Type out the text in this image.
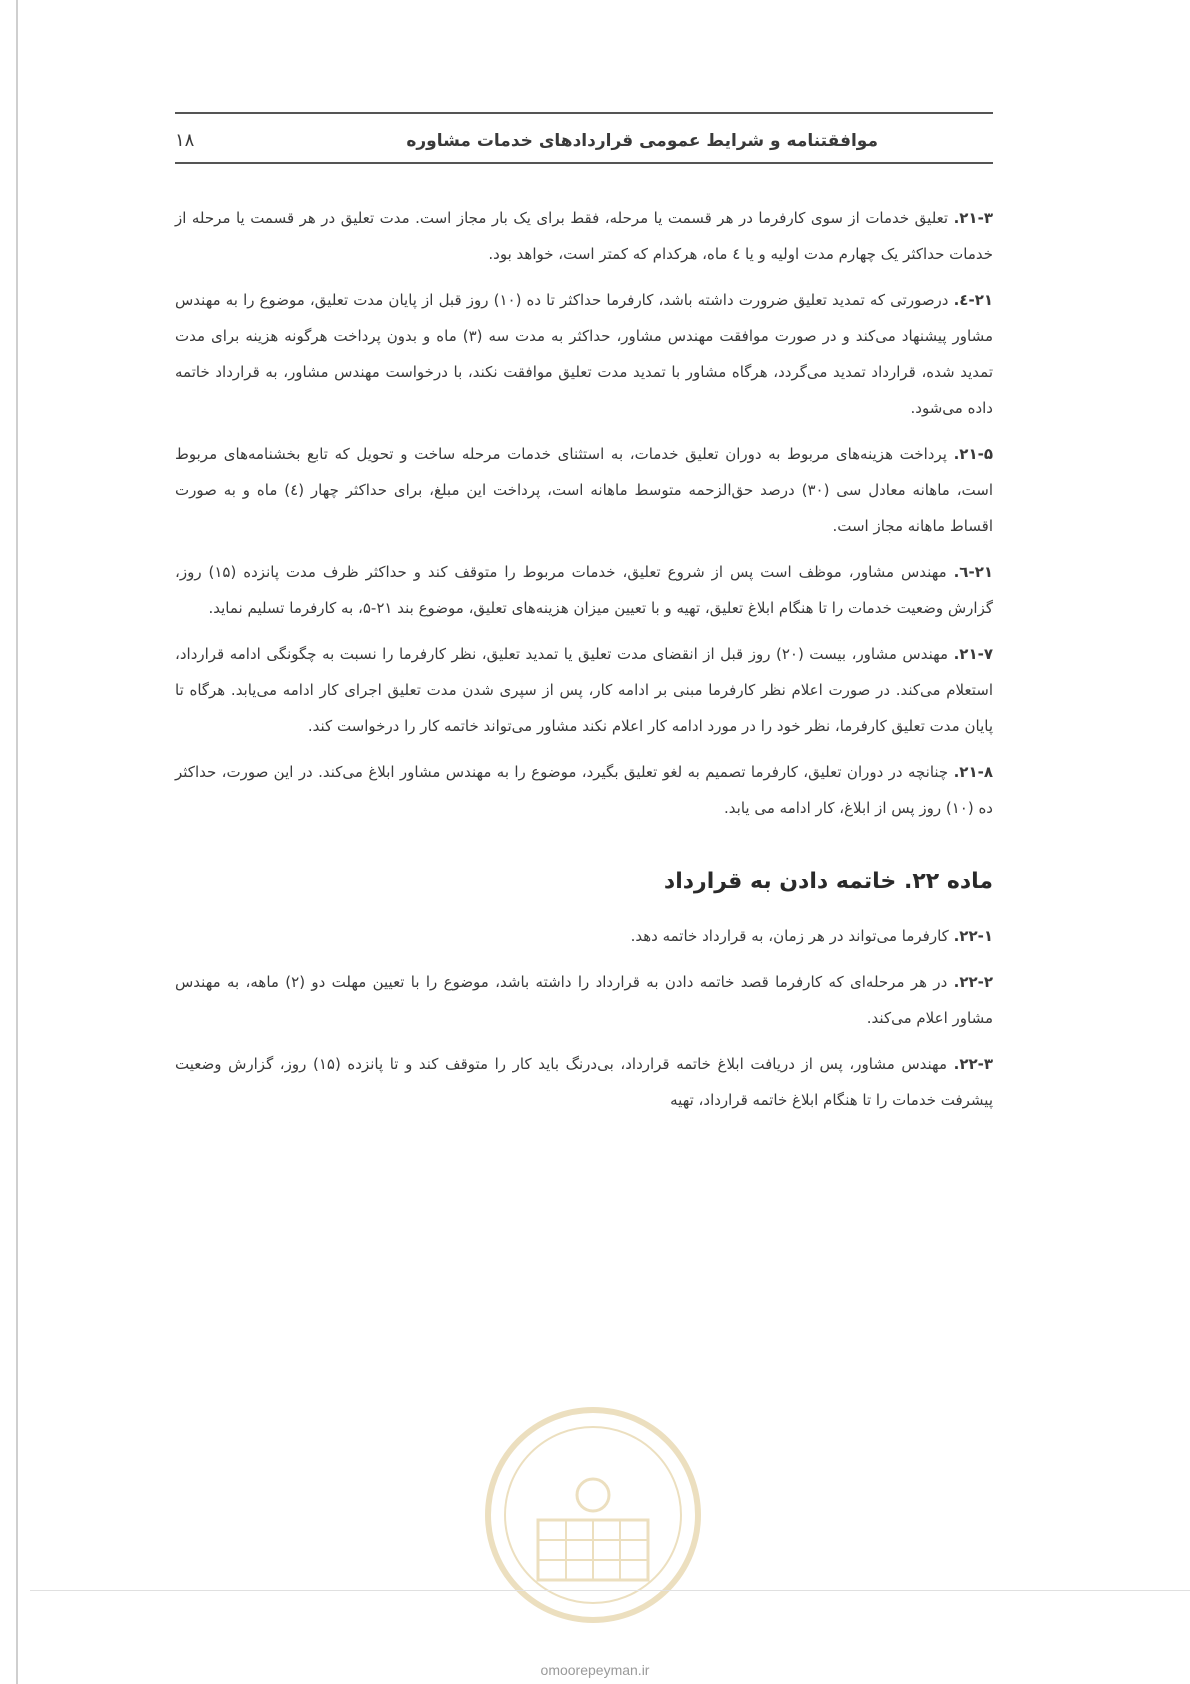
۱۸	موافقتنامه و شرایط عمومی قراردادهای خدمات مشاوره
۲۱-۳. تعلیق خدمات از سوی کارفرما در هر قسمت یا مرحله، فقط برای یک بار مجاز است. مدت تعلیق در هر قسمت یا مرحله از خدمات حداکثر یک چهارم مدت اولیه و یا ٤ ماه، هرکدام که کمتر است، خواهد بود.
۲۱-٤. درصورتی که تمدید تعلیق ضرورت داشته باشد، کارفرما حداکثر تا ده (۱۰) روز قبل از پایان مدت تعلیق، موضوع را به مهندس مشاور پیشنهاد می‌کند و در صورت موافقت مهندس مشاور، حداکثر به مدت سه (۳) ماه و بدون پرداخت هرگونه هزینه برای مدت تمدید شده، قرارداد تمدید می‌گردد، هرگاه مشاور با تمدید مدت تعلیق موافقت نکند، با درخواست مهندس مشاور، به قرارداد خاتمه داده می‌شود.
۲۱-۵. پرداخت هزینه‌های مربوط به دوران تعلیق خدمات، به استثنای خدمات مرحله ساخت و تحویل که تابع بخشنامه‌های مربوط است، ماهانه معادل سی (۳۰) درصد حق‌الزحمه متوسط ماهانه است، پرداخت این مبلغ، برای حداکثر چهار (٤) ماه و به صورت اقساط ماهانه مجاز است.
۲۱-٦. مهندس مشاور، موظف است پس از شروع تعلیق، خدمات مربوط را متوقف کند و حداکثر ظرف مدت پانزده (۱۵) روز، گزارش وضعیت خدمات را تا هنگام ابلاغ تعلیق، تهیه و با تعیین میزان هزینه‌های تعلیق، موضوع بند ۲۱-۵، به کارفرما تسلیم نماید.
۲۱-۷. مهندس مشاور، بیست (۲۰) روز قبل از انقضای مدت تعلیق یا تمدید تعلیق، نظر کارفرما را نسبت به چگونگی ادامه قرارداد، استعلام می‌کند. در صورت اعلام نظر کارفرما مبنی بر ادامه کار، پس از سپری شدن مدت تعلیق اجرای کار ادامه می‌یابد. هرگاه تا پایان مدت تعلیق کارفرما، نظر خود را در مورد ادامه کار اعلام نکند مشاور می‌تواند خاتمه کار را درخواست کند.
۲۱-۸. چنانچه در دوران تعلیق، کارفرما تصمیم به لغو تعلیق بگیرد، موضوع را به مهندس مشاور ابلاغ می‌کند. در این صورت، حداکثر ده (۱۰) روز پس از ابلاغ، کار ادامه می یابد.
ماده ۲۲. خاتمه دادن به قرارداد
۲۲-۱. کارفرما می‌تواند در هر زمان، به قرارداد خاتمه دهد.
۲۲-۲. در هر مرحله‌ای که کارفرما قصد خاتمه دادن به قرارداد را داشته باشد، موضوع را با تعیین مهلت دو (۲) ماهه، به مهندس مشاور اعلام می‌کند.
۲۲-۳. مهندس مشاور، پس از دریافت ابلاغ خاتمه قرارداد، بی‌درنگ باید کار را متوقف کند و تا پانزده (۱۵) روز، گزارش وضعیت پیشرفت خدمات را تا هنگام ابلاغ خاتمه قرارداد، تهیه
omoorepeyman.ir
